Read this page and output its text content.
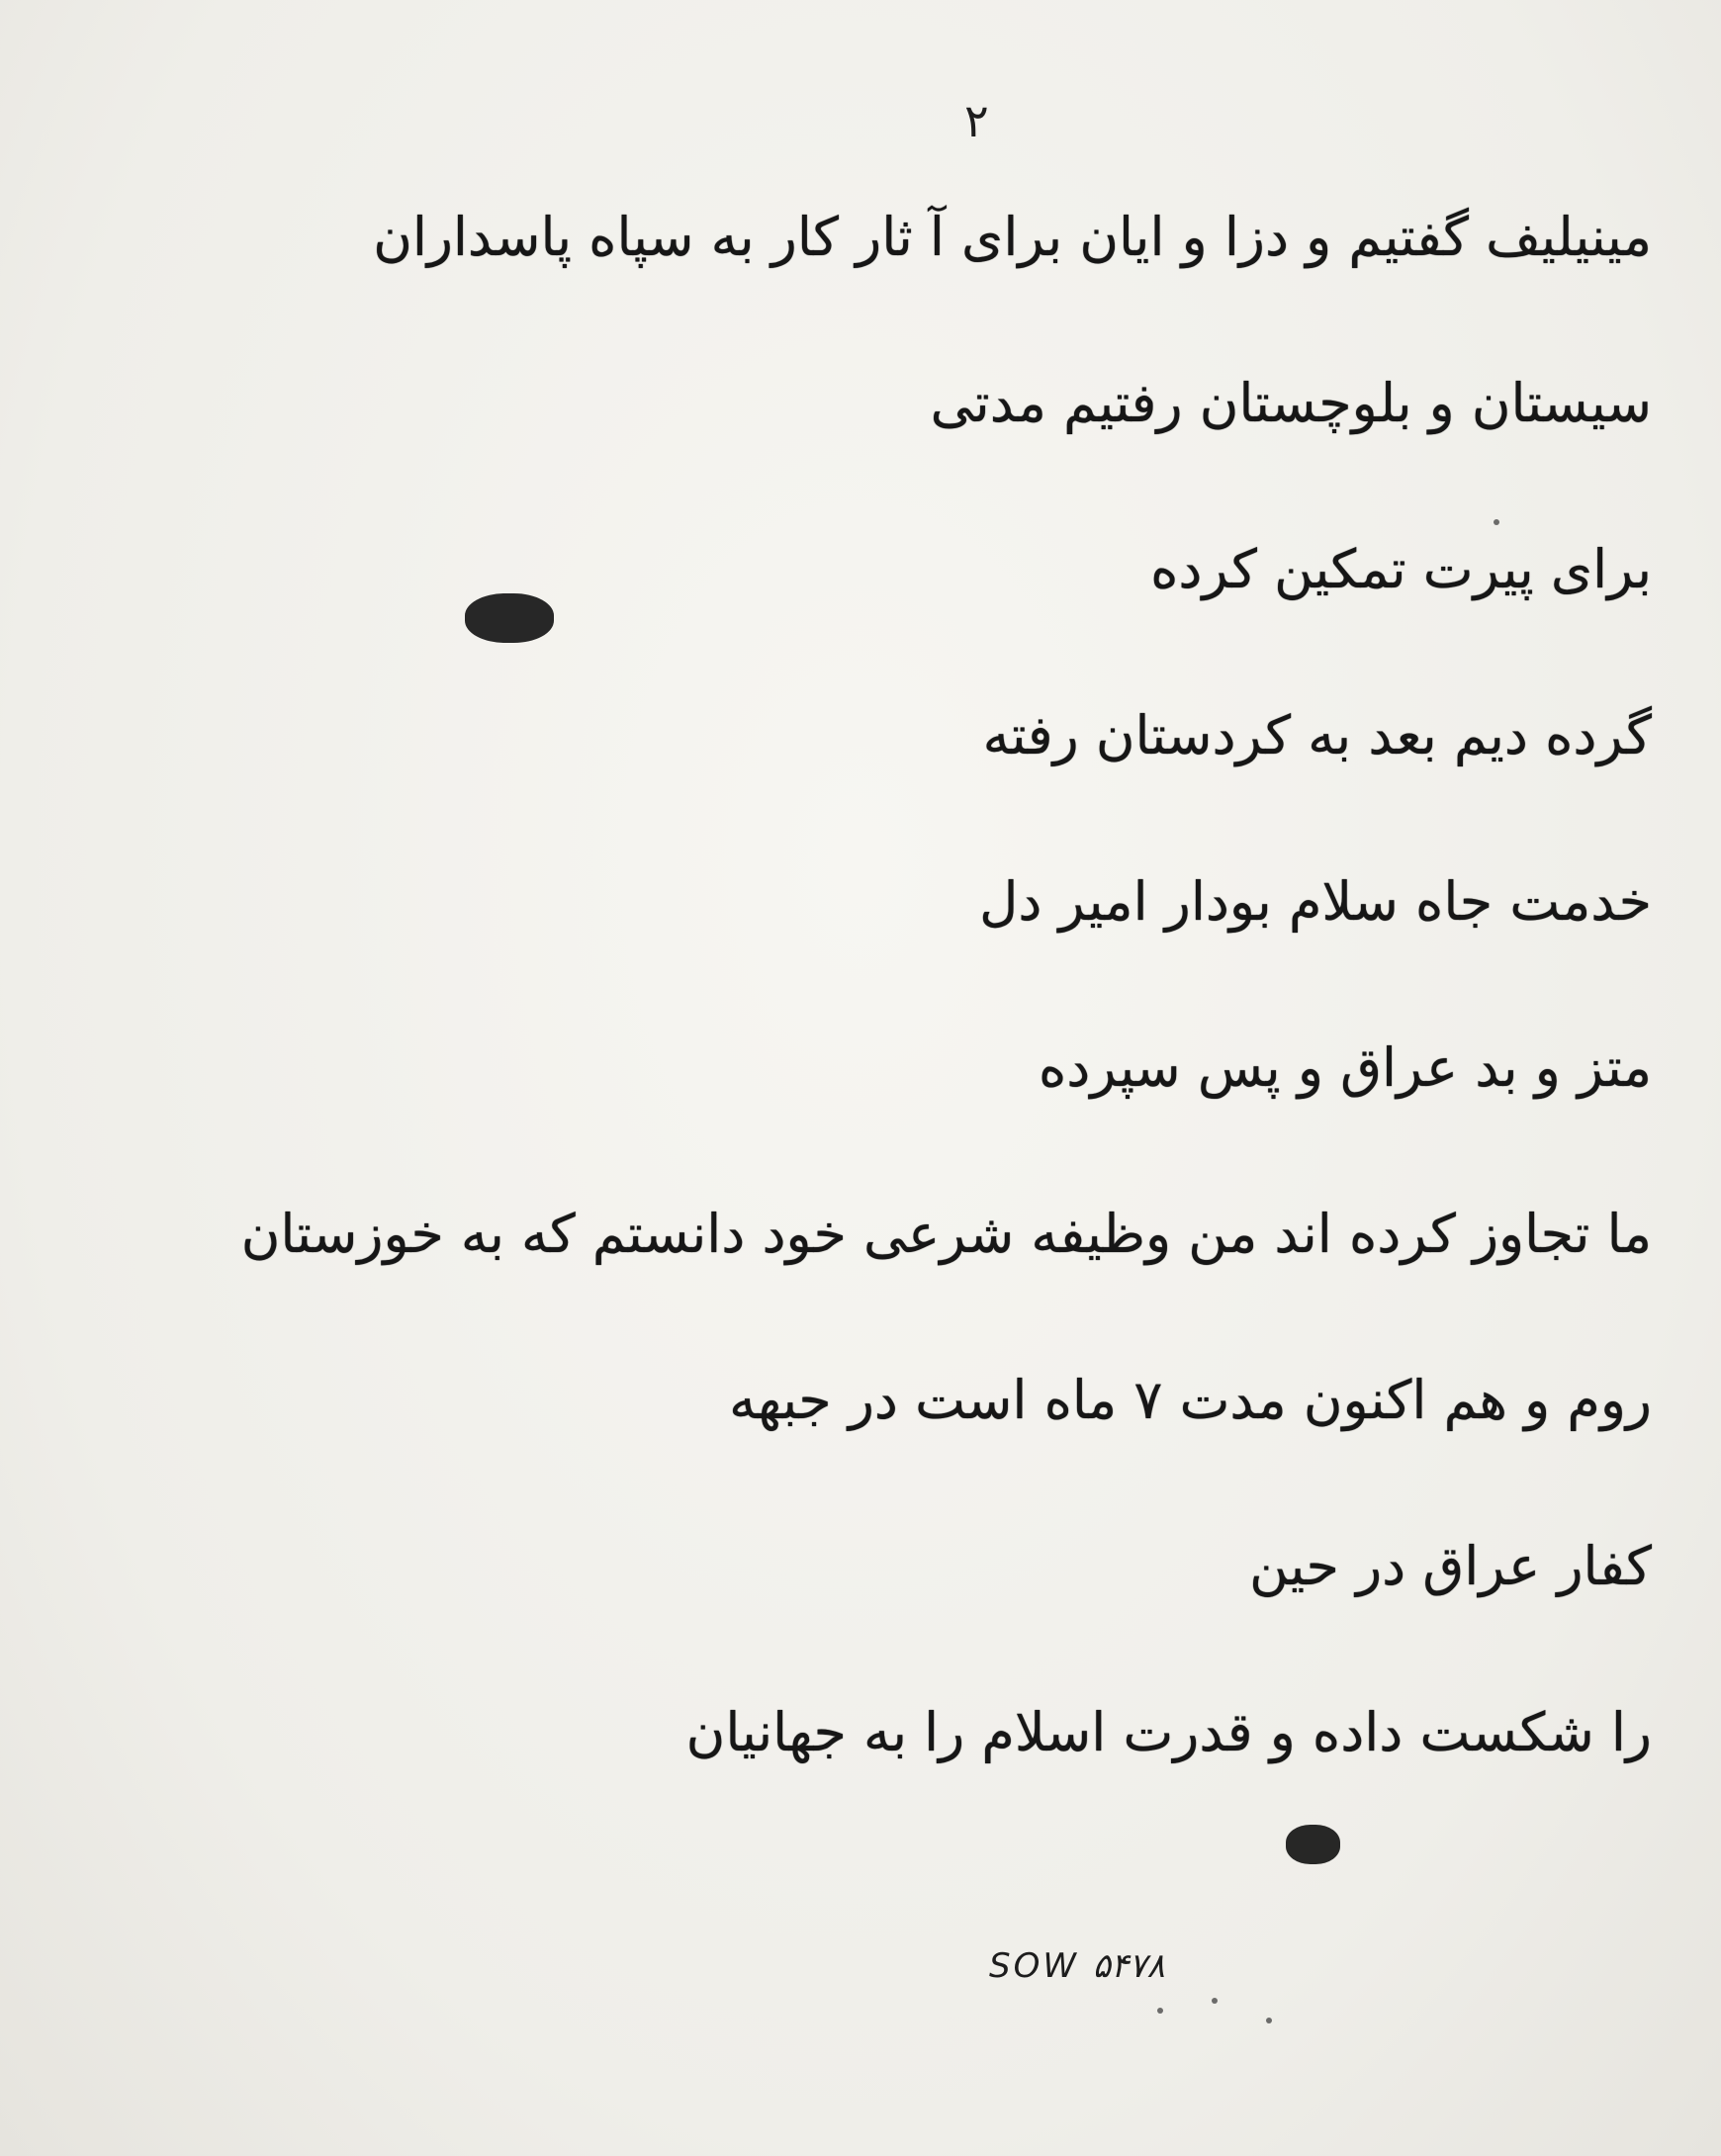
۲
مینیلیف گفتیم و دزا و ایان برای آ ثار کار به سپاه پاسداران
سیستان و بلوچستان رفتیم مدتی
برای پیرت تمکین کرده
گرده دیم بعد به کردستان رفته
خدمت جاه سلام بودار امیر دل
متز و بد عراق و پس سپرده
ما تجاوز کرده اند من وظیفه شرعی خود دانستم که به خوزستان
روم و هم اکنون مدت ۷ ماه است در جبهه
کفار عراق در حین
را شکست داده و قدرت اسلام را به جهانیان
SOW ۵۴۷۸
